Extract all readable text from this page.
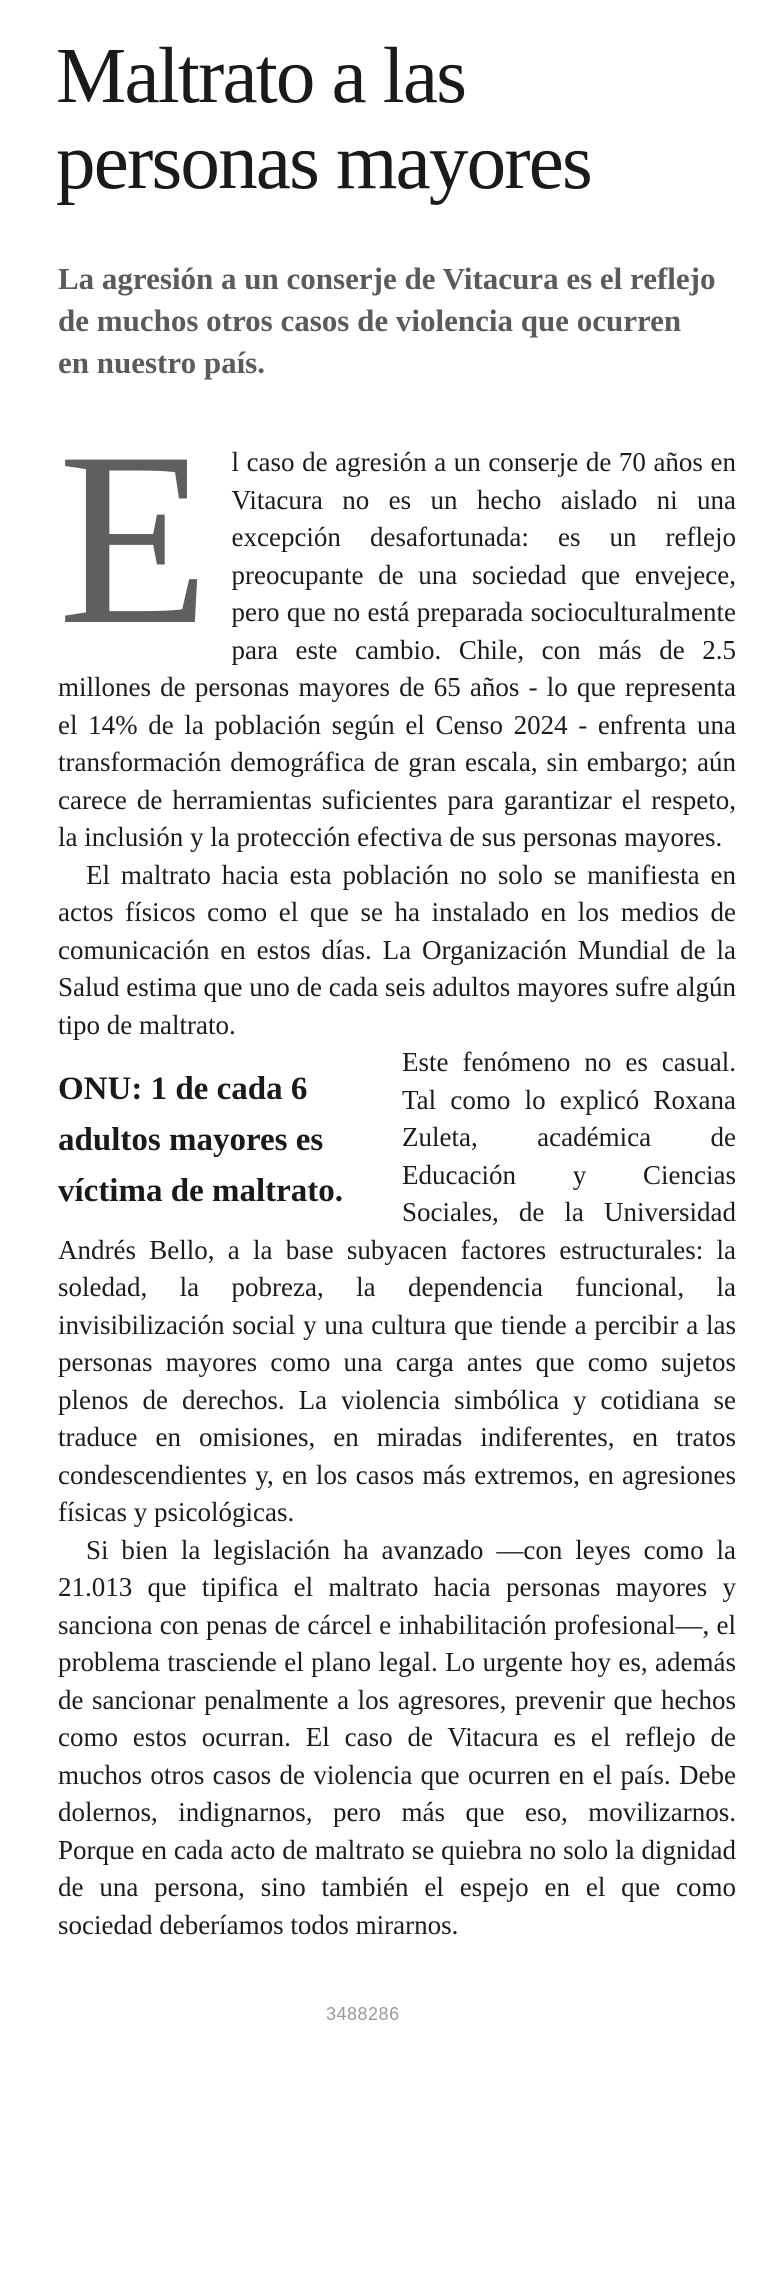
Maltrato a las personas mayores
La agresión a un conserje de Vitacura es el reflejo de muchos otros casos de violencia que ocurren en nuestro país.

El caso de agresión a un conserje de 70 años en Vitacura no es un hecho aislado ni una excepción desafortunada: es un reflejo preocupante de una sociedad que envejece, pero que no está preparada socioculturalmente para este cambio. Chile, con más de 2.5 millones de personas mayores de 65 años - lo que representa el 14% de la población según el Censo 2024 - enfrenta una transformación demográfica de gran escala, sin embargo; aún carece de herramientas suficientes para garantizar el respeto, la inclusión y la protección efectiva de sus personas mayores.

El maltrato hacia esta población no solo se manifiesta en actos físicos como el que se ha instalado en los medios de comunicación en estos días. La Organización Mundial de la Salud estima que uno de cada seis adultos mayores sufre algún tipo de maltrato.

ONU: 1 de cada 6 adultos mayores es víctima de maltrato.
Este fenómeno no es casual. Tal como lo explicó Roxana Zuleta, académica de Educación y Ciencias Sociales, de la Universidad Andrés Bello, a la base subyacen factores estructurales: la soledad, la pobreza, la dependencia funcional, la invisibilización social y una cultura que tiende a percibir a las personas mayores como una carga antes que como sujetos plenos de derechos. La violencia simbólica y cotidiana se traduce en omisiones, en miradas indiferentes, en tratos condescendientes y, en los casos más extremos, en agresiones físicas y psicológicas.

Si bien la legislación ha avanzado —con leyes como la 21.013 que tipifica el maltrato hacia personas mayores y sanciona con penas de cárcel e inhabilitación profesional—, el problema trasciende el plano legal. Lo urgente hoy es, además de sancionar penalmente a los agresores, prevenir que hechos como estos ocurran. El caso de Vitacura es el reflejo de muchos otros casos de violencia que ocurren en el país. Debe dolernos, indignarnos, pero más que eso, movilizarnos. Porque en cada acto de maltrato se quiebra no solo la dignidad de una persona, sino también el espejo en el que como sociedad deberíamos todos mirarnos.

3488286
